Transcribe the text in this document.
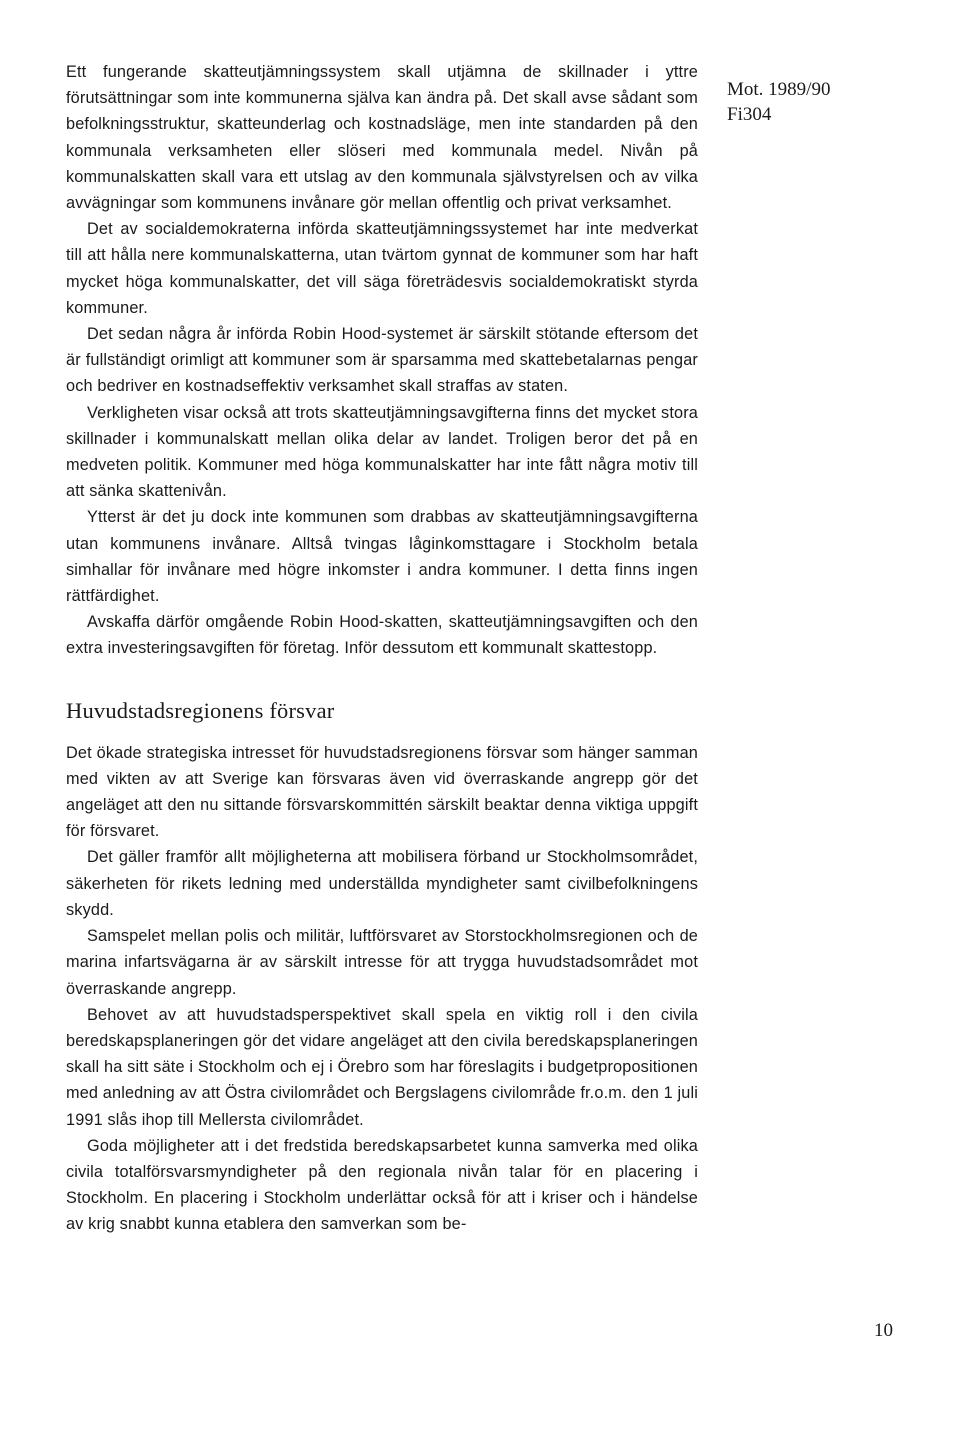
Mot. 1989/90
Fi304

Ett fungerande skatteutjämningssystem skall utjämna de skillnader i yttre förutsättningar som inte kommunerna själva kan ändra på. Det skall avse sådant som befolkningsstruktur, skatteunderlag och kostnadsläge, men inte standarden på den kommunala verksamheten eller slöseri med kommunala medel. Nivån på kommunalskatten skall vara ett utslag av den kommunala självstyrelsen och av vilka avvägningar som kommunens invånare gör mellan offentlig och privat verksamhet.

Det av socialdemokraterna införda skatteutjämningssystemet har inte medverkat till att hålla nere kommunalskatterna, utan tvärtom gynnat de kommuner som har haft mycket höga kommunalskatter, det vill säga företrädesvis socialdemokratiskt styrda kommuner.

Det sedan några år införda Robin Hood-systemet är särskilt stötande eftersom det är fullständigt orimligt att kommuner som är sparsamma med skattebetalarnas pengar och bedriver en kostnadseffektiv verksamhet skall straffas av staten.

Verkligheten visar också att trots skatteutjämningsavgifterna finns det mycket stora skillnader i kommunalskatt mellan olika delar av landet. Troligen beror det på en medveten politik. Kommuner med höga kommunalskatter har inte fått några motiv till att sänka skattenivån.

Ytterst är det ju dock inte kommunen som drabbas av skatteutjämningsavgifterna utan kommunens invånare. Alltså tvingas låginkomsttagare i Stockholm betala simhallar för invånare med högre inkomster i andra kommuner. I detta finns ingen rättfärdighet.

Avskaffa därför omgående Robin Hood-skatten, skatteutjämningsavgiften och den extra investeringsavgiften för företag. Inför dessutom ett kommunalt skattestopp.

Huvudstadsregionens försvar

Det ökade strategiska intresset för huvudstadsregionens försvar som hänger samman med vikten av att Sverige kan försvaras även vid överraskande angrepp gör det angeläget att den nu sittande försvarskommittén särskilt beaktar denna viktiga uppgift för försvaret.

Det gäller framför allt möjligheterna att mobilisera förband ur Stockholmsområdet, säkerheten för rikets ledning med underställda myndigheter samt civilbefolkningens skydd.

Samspelet mellan polis och militär, luftförsvaret av Storstockholmsregionen och de marina infartsvägarna är av särskilt intresse för att trygga huvudstadsområdet mot överraskande angrepp.

Behovet av att huvudstadsperspektivet skall spela en viktig roll i den civila beredskapsplaneringen gör det vidare angeläget att den civila beredskapsplaneringen skall ha sitt säte i Stockholm och ej i Örebro som har föreslagits i budgetpropositionen med anledning av att Östra civilområdet och Bergslagens civilområde fr.o.m. den 1 juli 1991 slås ihop till Mellersta civilområdet.

Goda möjligheter att i det fredstida beredskapsarbetet kunna samverka med olika civila totalförsvarsmyndigheter på den regionala nivån talar för en placering i Stockholm. En placering i Stockholm underlättar också för att i kriser och i händelse av krig snabbt kunna etablera den samverkan som be-

10
